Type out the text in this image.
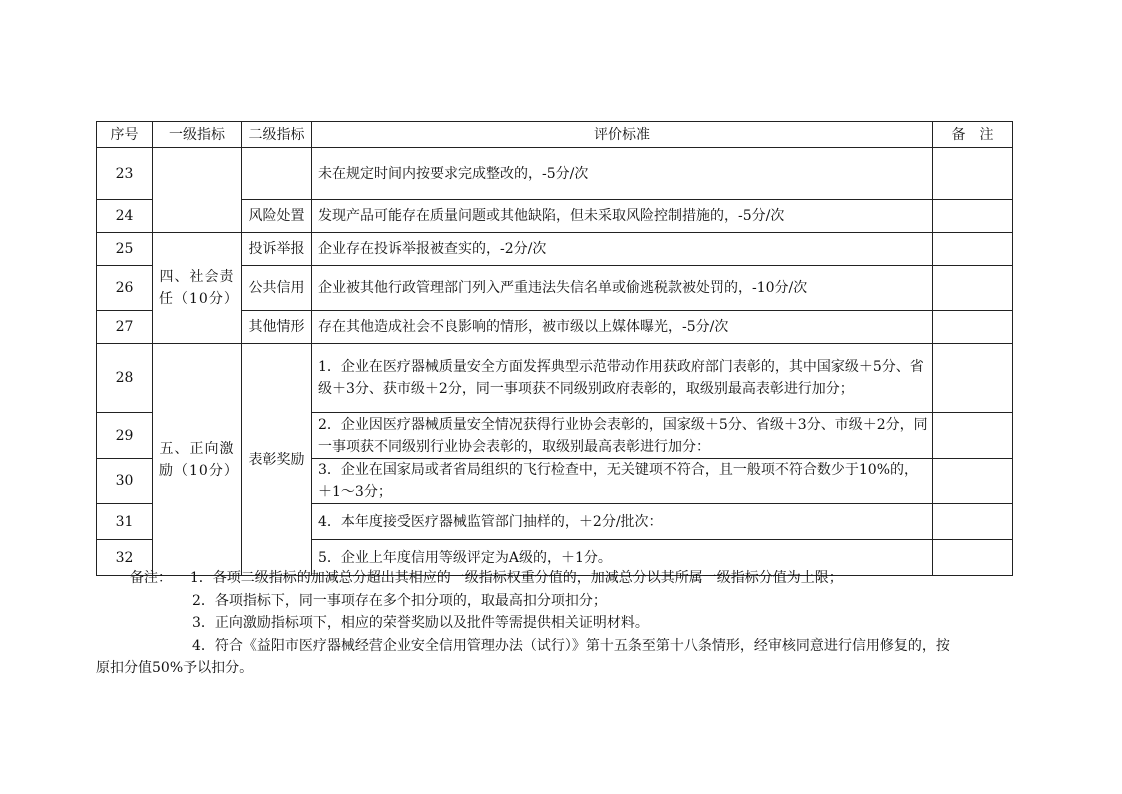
序号	一级指标	二级指标	评价标准	备　注
23			未在规定时间内按要求完成整改的，-5分/次	
24		风险处置	发现产品可能存在质量问题或其他缺陷，但未采取风险控制措施的，-5分/次	
25	四、社会责任（10分）	投诉举报	企业存在投诉举报被查实的，-2分/次	
26		公共信用	企业被其他行政管理部门列入严重违法失信名单或偷逃税款被处罚的，-10分/次	
27		其他情形	存在其他造成社会不良影响的情形，被市级以上媒体曝光，-5分/次	
28	五、正向激励（10分）	表彰奖励	1．企业在医疗器械质量安全方面发挥典型示范带动作用获政府部门表彰的，其中国家级＋5分、省级＋3分、获市级＋2分，同一事项获不同级别政府表彰的，取级别最高表彰进行加分；	
29			2．企业因医疗器械质量安全情况获得行业协会表彰的，国家级＋5分、省级＋3分、市级＋2分，同一事项获不同级别行业协会表彰的，取级别最高表彰进行加分：	
30			3．企业在国家局或者省局组织的飞行检查中，无关键项不符合，且一般项不符合数少于10%的，＋1～3分；	
31			4．本年度接受医疗器械监管部门抽样的，＋2分/批次：	
32			5．企业上年度信用等级评定为A级的，＋1分。	
备注： 1．各项二级指标的加减总分超出其相应的一级指标权重分值的，加减总分以其所属一级指标分值为上限；
2．各项指标下，同一事项存在多个扣分项的，取最高扣分项扣分；
3．正向激励指标项下，相应的荣誉奖励以及批件等需提供相关证明材料。
4．符合《益阳市医疗器械经营企业安全信用管理办法（试行）》第十五条至第十八条情形，经审核同意进行信用修复的，按
原扣分值50%予以扣分。
